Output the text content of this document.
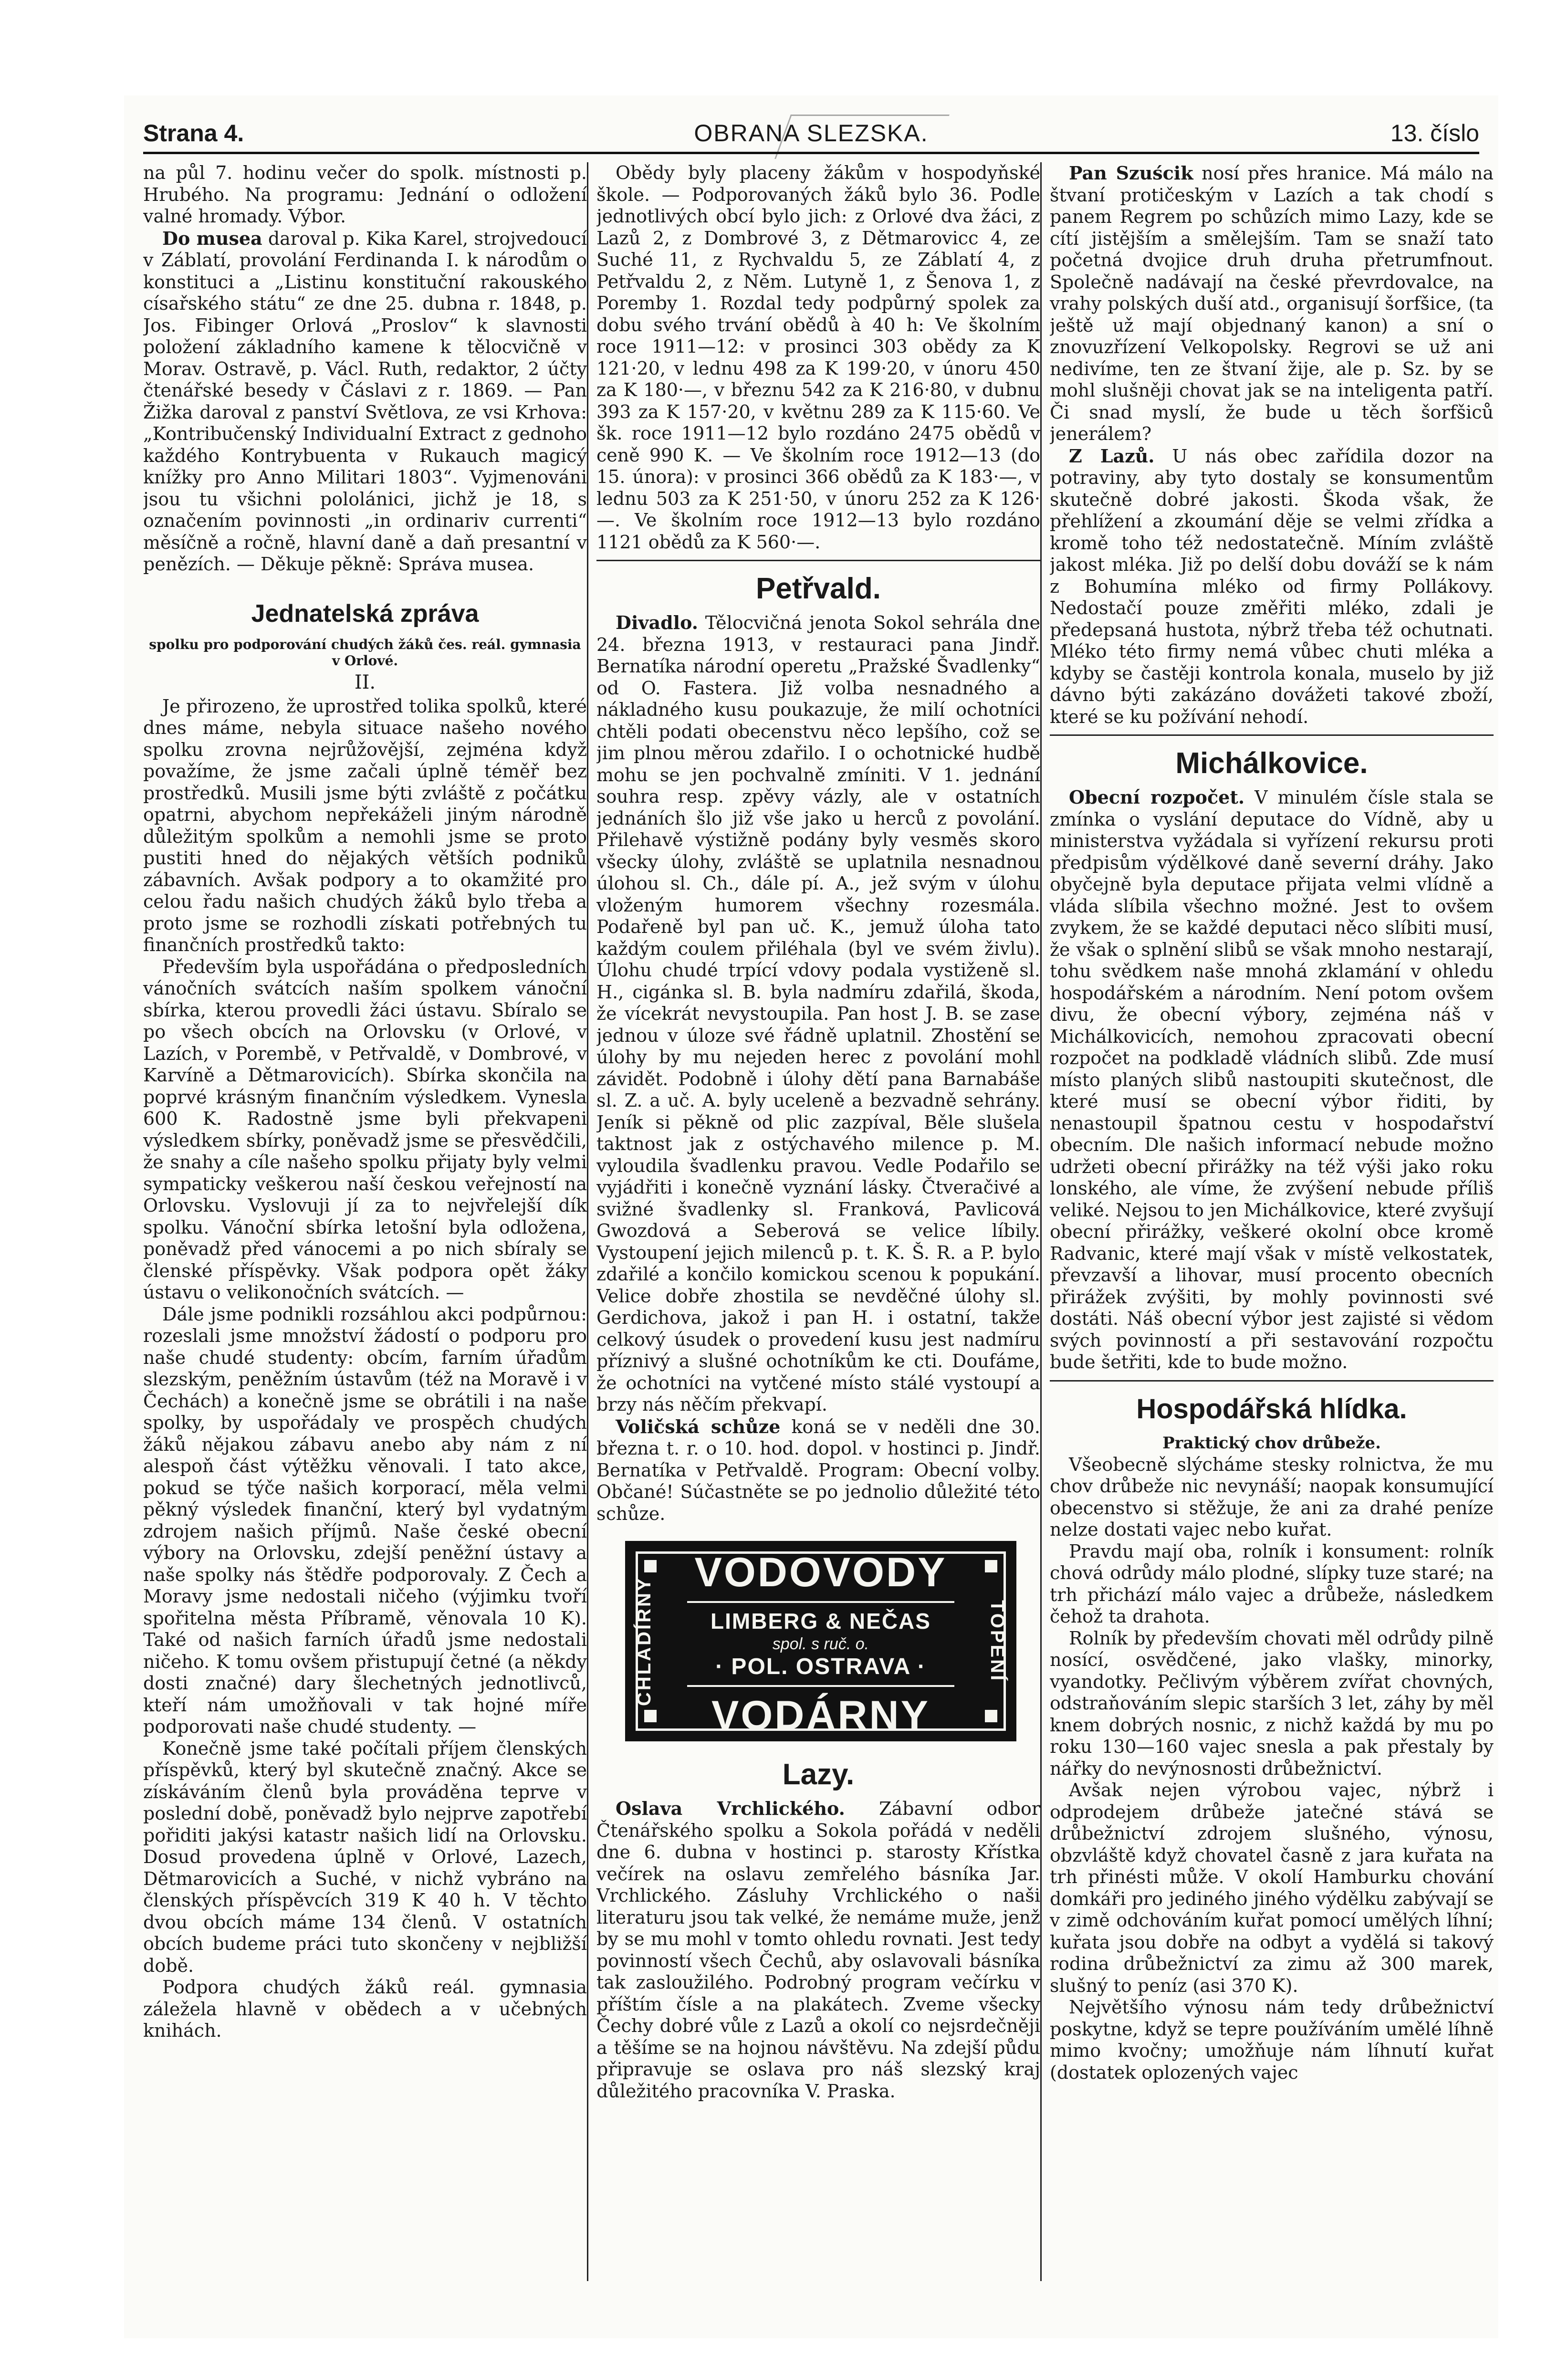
Strana 4.	OBRANA SLEZSKA.	13. číslo

na půl 7. hodinu večer do spolk. místnosti p. Hrubého. Na programu: Jednání o odložení valné hromady. Výbor.

Do musea daroval p. Kika Karel, strojvedoucí v Záblatí, provolání Ferdinanda I. k národům o konstituci a „Listinu konstituční rakouského císařského státu“ ze dne 25. dubna r. 1848, p. Jos. Fibinger Orlová „Proslov“ k slavnosti položení základního kamene k tělocvičně v Morav. Ostravě, p. Václ. Ruth, redaktor, 2 účty čtenářské besedy v Čáslavi z r. 1869. — Pan Žižka daroval z panství Světlova, ze vsi Krhova: „Kontribučenský Individualní Extract z gednoho každého Kontrybuenta v Rukauch magicý knížky pro Anno Militari 1803“. Vyjmenováni jsou tu všichni pololánici, jichž je 18, s označením povinnosti „in ordinariv currenti“ měsíčně a ročně, hlavní daně a daň presantní v penězích. — Děkuje pěkně: Správa musea.

Jednatelská zpráva
spolku pro podporování chudých žáků čes. reál. gymnasia v Orlové.
II.

Je přirozeno, že uprostřed tolika spolků, které dnes máme, nebyla situace našeho nového spolku zrovna nejrůžovější, zejména když považíme, že jsme začali úplně téměř bez prostředků. Musili jsme býti zvláště z počátku opatrni, abychom nepřekáželi jiným národně důležitým spolkům a nemohli jsme se proto pustiti hned do nějakých větších podniků zábavních. Avšak podpory a to okamžité pro celou řadu našich chudých žáků bylo třeba a proto jsme se rozhodli získati potřebných tu finančních prostředků takto:

Především byla uspořádána o předposledních vánočních svátcích naším spolkem vánoční sbírka, kterou provedli žáci ústavu. Sbíralo se po všech obcích na Orlovsku (v Orlové, v Lazích, v Porembě, v Petřvaldě, v Dombrové, v Karvíně a Dětmarovicích). Sbírka skončila na poprvé krásným finančním výsledkem. Vynesla 600 K. Radostně jsme byli překvapeni výsledkem sbírky, poněvadž jsme se přesvědčili, že snahy a cíle našeho spolku přijaty byly velmi sympaticky veškerou naší českou veřejností na Orlovsku. Vyslovuji jí za to nejvřelejší dík spolku. Vánoční sbírka letošní byla odložena, poněvadž před vánocemi a po nich sbíraly se členské příspěvky. Však podpora opět žáky ústavu o velikonočních svátcích. —

Dále jsme podnikli rozsáhlou akci podpůrnou: rozeslali jsme množství žádostí o podporu pro naše chudé studenty: obcím, farním úřadům slezským, peněžním ústavům (též na Moravě i v Čechách) a konečně jsme se obrátili i na naše spolky, by uspořádaly ve prospěch chudých žáků nějakou zábavu anebo aby nám z ní alespoň část výtěžku věnovali. I tato akce, pokud se týče našich korporací, měla velmi pěkný výsledek finanční, který byl vydatným zdrojem našich příjmů. Naše české obecní výbory na Orlovsku, zdejší peněžní ústavy a naše spolky nás štědře podporovaly. Z Čech a Moravy jsme nedostali ničeho (výjimku tvoří spořitelna města Příbramě, věnovala 10 K). Také od našich farních úřadů jsme nedostali ničeho. K tomu ovšem přistupují četné (a někdy dosti značné) dary šlechetných jednotlivců, kteří nám umožňovali v tak hojné míře podporovati naše chudé studenty. —

Konečně jsme také počítali příjem členských příspěvků, který byl skutečně značný. Akce se získáváním členů byla prováděna teprve v poslední době, poněvadž bylo nejprve zapotřebí pořiditi jakýsi katastr našich lidí na Orlovsku. Dosud provedena úplně v Orlové, Lazech, Dětmarovicích a Suché, v nichž vybráno na členských příspěvcích 319 K 40 h. V těchto dvou obcích máme 134 členů. V ostatních obcích budeme práci tuto skončeny v nejbližší době.

Podpora chudých žáků reál. gymnasia záležela hlavně v obědech a v učebných knihách.

Obědy byly placeny žákům v hospodyňské škole. — Podporovaných žáků bylo 36. Podle jednotlivých obcí bylo jich: z Orlové dva žáci, z Lazů 2, z Dombrové 3, z Dětmarovicc 4, ze Suché 11, z Rychvaldu 5, ze Záblatí 4, z Petřvaldu 2, z Něm. Lutyně 1, z Šenova 1, z Poremby 1. Rozdal tedy podpůrný spolek za dobu svého trvání obědů à 40 h: Ve školním roce 1911—12: v prosinci 303 obědy za K 121·20, v lednu 498 za K 199·20, v únoru 450 za K 180·—, v březnu 542 za K 216·80, v dubnu 393 za K 157·20, v květnu 289 za K 115·60. Ve šk. roce 1911—12 bylo rozdáno 2475 obědů v ceně 990 K. — Ve školním roce 1912—13 (do 15. února): v prosinci 366 obědů za K 183·—, v lednu 503 za K 251·50, v únoru 252 za K 126·—. Ve školním roce 1912—13 bylo rozdáno 1121 obědů za K 560·—.

Petřvald.

Divadlo. Tělocvičná jenota Sokol sehrála dne 24. března 1913, v restauraci pana Jindř. Bernatíka národní operetu „Pražské Švadlenky“ od O. Fastera. Již volba nesnadného a nákladného kusu poukazuje, že milí ochotníci chtěli podati obecenstvu něco lepšího, což se jim plnou měrou zdařilo. I o ochotnické hudbě mohu se jen pochvalně zmíniti. V 1. jednání souhra resp. zpěvy vázly, ale v ostatních jednáních šlo již vše jako u herců z povolání. Přilehavě výstižně podány byly vesměs skoro všecky úlohy, zvláště se uplatnila nesnadnou úlohou sl. Ch., dále pí. A., jež svým v úlohu vloženým humorem všechny rozesmála. Podařeně byl pan uč. K., jemuž úloha tato každým coulem přiléhala (byl ve svém živlu). Úlohu chudé trpící vdovy podala vystiženě sl. H., cigánka sl. B. byla nadmíru zdařilá, škoda, že vícekrát nevystoupila. Pan host J. B. se zase jednou v úloze své řádně uplatnil. Zhostění se úlohy by mu nejeden herec z povolání mohl závidět. Podobně i úlohy dětí pana Barnabáše sl. Z. a uč. A. byly uceleně a bezvadně sehrány. Jeník si pěkně od plic zazpíval, Běle slušela taktnost jak z ostýchavého milence p. M. vyloudila švadlenku pravou. Vedle Podařilo se vyjádřiti i konečně vyznání lásky. Čtveračivé a svižné švadlenky sl. Franková, Pavlicová Gwozdová a Seberová se velice líbily. Vystoupení jejich milenců p. t. K. Š. R. a P. bylo zdařilé a končilo komickou scenou k popukání. Velice dobře zhostila se nevděčné úlohy sl. Gerdichova, jakož i pan H. i ostatní, takže celkový úsudek o provedení kusu jest nadmíru příznivý a slušné ochotníkům ke cti. Doufáme, že ochotníci na vytčené místo stálé vystoupí a brzy nás něčím překvapí.

Voličská schůze koná se v neděli dne 30. března t. r. o 10. hod. dopol. v hostinci p. Jindř. Bernatíka v Petřvaldě. Program: Obecní volby. Občané! Súčastněte se po jednolio důležité této schůze.

CHLADÍRNY	TOPENÍ
VODOVODY
LIMBERG & NEČAS
spol. s ruč. o.
· POL. OSTRAVA ·
VODÁRNY
Lazy.

Oslava Vrchlického. Zábavní odbor Čtenářského spolku a Sokola pořádá v neděli dne 6. dubna v hostinci p. starosty Křístka večírek na oslavu zemřelého básníka Jar. Vrchlického. Zásluhy Vrchlického o naši literaturu jsou tak velké, že nemáme muže, jenž by se mu mohl v tomto ohledu rovnati. Jest tedy povinností všech Čechů, aby oslavovali básníka tak zasloužilého. Podrobný program večírku v příštím čísle a na plakátech. Zveme všecky Čechy dobré vůle z Lazů a okolí co nejsrdečněji a těšíme se na hojnou návštěvu. Na zdejší půdu připravuje se oslava pro náš slezský kraj důležitého pracovníka V. Praska.

Pan Szuścik nosí přes hranice. Má málo na štvaní protičeským v Lazích a tak chodí s panem Regrem po schůzích mimo Lazy, kde se cítí jistějším a smělejším. Tam se snaží tato početná dvojice druh druha přetrumfnout. Společně nadávají na české převrdovalce, na vrahy polských duší atd., organisují šorfšice, (ta ještě už mají objednaný kanon) a sní o znovuzřízení Velkopolsky. Regrovi se už ani nedivíme, ten ze štvaní žije, ale p. Sz. by se mohl slušněji chovat jak se na inteligenta patří. Či snad myslí, že bude u těch šorfšiců jenerálem?

Z Lazů. U nás obec zařídila dozor na potraviny, aby tyto dostaly se konsumentům skutečně dobré jakosti. Škoda však, že přehlížení a zkoumání děje se velmi zřídka a kromě toho též nedostatečně. Míním zvláště jakost mléka. Již po delší dobu dováží se k nám z Bohumína mléko od firmy Pollákovy. Nedostačí pouze změřiti mléko, zdali je předepsaná hustota, nýbrž třeba též ochutnati. Mléko této firmy nemá vůbec chuti mléka a kdyby se častěji kontrola konala, muselo by již dávno býti zakázáno dovážeti takové zboží, které se ku požívání nehodí.

Michálkovice.

Obecní rozpočet. V minulém čísle stala se zmínka o vyslání deputace do Vídně, aby u ministerstva vyžádala si vyřízení rekursu proti předpisům výdělkové daně severní dráhy. Jako obyčejně byla deputace přijata velmi vlídně a vláda slíbila všechno možné. Jest to ovšem zvykem, že se každé deputaci něco slíbiti musí, že však o splnění slibů se však mnoho nestarají, tohu svědkem naše mnohá zklamání v ohledu hospodářském a národním. Není potom ovšem divu, že obecní výbory, zejména náš v Michálkovicích, nemohou zpracovati obecní rozpočet na podkladě vládních slibů. Zde musí místo planých slibů nastoupiti skutečnost, dle které musí se obecní výbor řiditi, by nenastoupil špatnou cestu v hospodařství obecním. Dle našich informací nebude možno udržeti obecní přirážky na též výši jako roku lonského, ale víme, že zvýšení nebude příliš veliké. Nejsou to jen Michálkovice, které zvyšují obecní přirážky, veškeré okolní obce kromě Radvanic, které mají však v místě velkostatek, převzavší a lihovar, musí procento obecních přirážek zvýšiti, by mohly povinnosti své dostáti. Náš obecní výbor jest zajisté si vědom svých povinností a při sestavování rozpočtu bude šetřiti, kde to bude možno.

Hospodářská hlídka.
Praktický chov drůbeže.

Všeobecně slýcháme stesky rolnictva, že mu chov drůbeže nic nevynáší; naopak konsumující obecenstvo si stěžuje, že ani za drahé peníze nelze dostati vajec nebo kuřat.

Pravdu mají oba, rolník i konsument: rolník chová odrůdy málo plodné, slípky tuze staré; na trh přichází málo vajec a drůbeže, následkem čehož ta drahota.

Rolník by především chovati měl odrůdy pilně nosící, osvědčené, jako vlašky, minorky, vyandotky. Pečlivým výběrem zvířat chovných, odstraňováním slepic starších 3 let, záhy by měl knem dobrých nosnic, z nichž každá by mu po roku 130—160 vajec snesla a pak přestaly by nářky do nevýnosnosti drůbežnictví.

Avšak nejen výrobou vajec, nýbrž i odprodejem drůbeže jatečné stává se drůbežnictví zdrojem slušného, výnosu, obzvláště když chovatel časně z jara kuřata na trh přinésti může. V okolí Hamburku chování domkáři pro jediného jiného výdělku zabývají se v zimě odchováním kuřat pomocí umělých líhní; kuřata jsou dobře na odbyt a vydělá si takový rodina drůbežnictví za zimu až 300 marek, slušný to peníz (asi 370 K).

Největšího výnosu nám tedy drůbežnictví poskytne, když se tepre používáním umělé líhně mimo kvočny; umožňuje nám líhnutí kuřat (dostatek oplozených vajec
